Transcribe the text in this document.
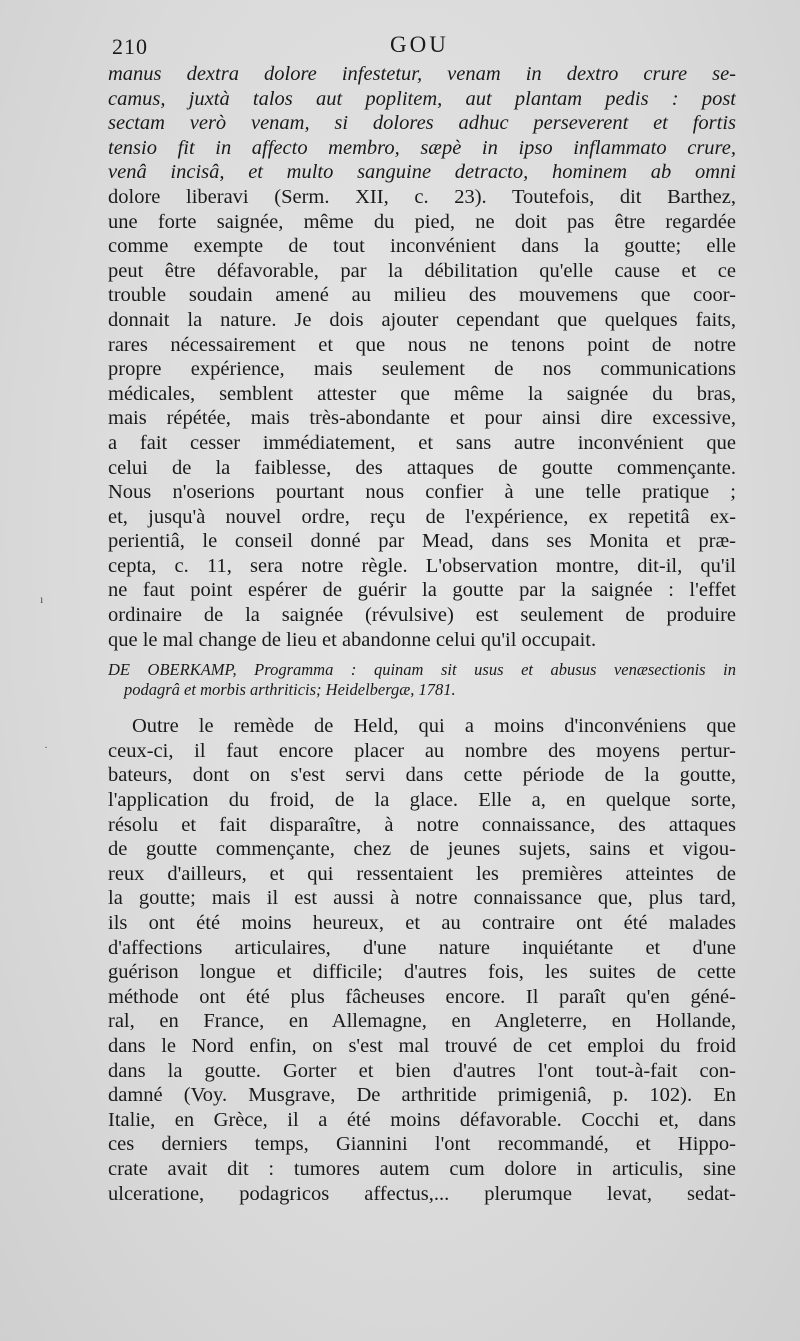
210	GOU
ı
·
manus dextra dolore infestetur, venam in dextro crure se-
camus, juxtà talos aut poplitem, aut plantam pedis : post
sectam verò venam, si dolores adhuc perseverent et fortis
tensio fit in affecto membro, sæpè in ipso inflammato crure,
venâ incisâ, et multo sanguine detracto, hominem ab omni
dolore liberavi (Serm. XII, c. 23). Toutefois, dit Barthez,
une forte saignée, même du pied, ne doit pas être regardée
comme exempte de tout inconvénient dans la goutte; elle
peut être défavorable, par la débilitation qu'elle cause et ce
trouble soudain amené au milieu des mouvemens que coor-
donnait la nature. Je dois ajouter cependant que quelques faits,
rares nécessairement et que nous ne tenons point de notre
propre expérience, mais seulement de nos communications
médicales, semblent attester que même la saignée du bras,
mais répétée, mais très-abondante et pour ainsi dire excessive,
a fait cesser immédiatement, et sans autre inconvénient que
celui de la faiblesse, des attaques de goutte commençante.
Nous n'oserions pourtant nous confier à une telle pratique ;
et, jusqu'à nouvel ordre, reçu de l'expérience, ex repetitâ ex-
perientiâ, le conseil donné par Mead, dans ses Monita et præ-
cepta, c. 11, sera notre règle. L'observation montre, dit-il, qu'il
ne faut point espérer de guérir la goutte par la saignée : l'effet
ordinaire de la saignée (révulsive) est seulement de produire
que le mal change de lieu et abandonne celui qu'il occupait.
DE OBERKAMP, Programma : quinam sit usus et abusus venæsectionis in
podagrâ et morbis arthriticis; Heidelbergæ, 1781.
Outre le remède de Held, qui a moins d'inconvéniens que
ceux-ci, il faut encore placer au nombre des moyens pertur-
bateurs, dont on s'est servi dans cette période de la goutte,
l'application du froid, de la glace. Elle a, en quelque sorte,
résolu et fait disparaître, à notre connaissance, des attaques
de goutte commençante, chez de jeunes sujets, sains et vigou-
reux d'ailleurs, et qui ressentaient les premières atteintes de
la goutte; mais il est aussi à notre connaissance que, plus tard,
ils ont été moins heureux, et au contraire ont été malades
d'affections articulaires, d'une nature inquiétante et d'une
guérison longue et difficile; d'autres fois, les suites de cette
méthode ont été plus fâcheuses encore. Il paraît qu'en géné-
ral, en France, en Allemagne, en Angleterre, en Hollande,
dans le Nord enfin, on s'est mal trouvé de cet emploi du froid
dans la goutte. Gorter et bien d'autres l'ont tout-à-fait con-
damné (Voy. Musgrave, De arthritide primigeniâ, p. 102). En
Italie, en Grèce, il a été moins défavorable. Cocchi et, dans
ces derniers temps, Giannini l'ont recommandé, et Hippo-
crate avait dit : tumores autem cum dolore in articulis, sine
ulceratione, podagricos affectus,... plerumque levat, sedat-
